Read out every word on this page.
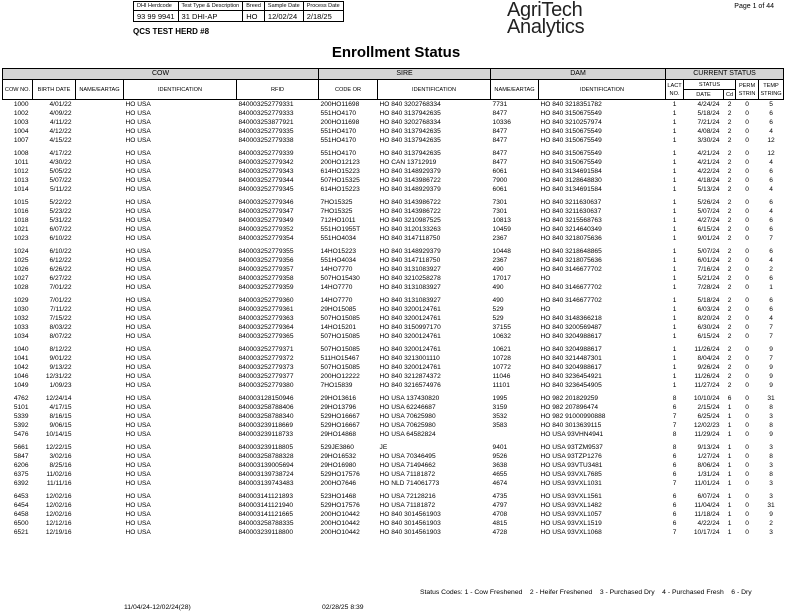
DHI Herdcode	Test Type & Description	Breed	Sample Date	Process Date
93 99 9941	31 DHI-AP	HO	12/02/24	2/18/25
QCS TEST HERD #8
AgriTech
Analytics
Page 1 of 44
Enrollment Status
COW					SIRE		DAM		CURRENT STATUS				
COW NO.	BIRTH DATE	NAME/EARTAG	IDENTIFICATION	RFID	CODE OR	IDENTIFICATION	NAME/EARTAG	IDENTIFICATION	LACT NO.	STATUS		PERM STRIN	TEMP STRING
										DATE	Cd		
1000	4/01/22		HO USA	840003252779331	200HO11698	HO 840 3202768334	7731	HO 840 3218351782	1	4/24/24	2	0	5
1002	4/09/22		HO USA	840003252779333	551HO4170	HO 840 3137942635	8477	HO 840 3150675549	1	5/18/24	2	0	6
1003	4/11/22		HO USA	840003253877921	200HO11698	HO 840 3202768334	10336	HO 840 3210257974	1	7/21/24	2	0	6
1004	4/12/22		HO USA	840003252779335	551HO4170	HO 840 3137942635	8477	HO 840 3150675549	1	4/08/24	2	0	4
1007	4/15/22		HO USA	840003252779338	551HO4170	HO 840 3137942635	8477	HO 840 3150675549	1	3/30/24	2	0	12
1008	4/17/22		HO USA	840003252779339	551HO4170	HO 840 3137942635	8477	HO 840 3150675549	1	4/21/24	2	0	12
1011	4/30/22		HO USA	840003252779342	200HO12123	HO CAN 13712919	8477	HO 840 3150675549	1	4/21/24	2	0	4
1012	5/05/22		HO USA	840003252779343	614HO15223	HO 840 3148929379	6061	HO 840 3134691584	1	4/22/24	2	0	6
1013	5/07/22		HO USA	840003252779344	507HO15325	HO 840 3143986722	7900	HO 840 3128648830	1	4/18/24	2	0	6
1014	5/11/22		HO USA	840003252779345	614HO15223	HO 840 3148929379	6061	HO 840 3134691584	1	5/13/24	2	0	4
1015	5/22/22		HO USA	840003252779346	7HO15325	HO 840 3143986722	7301	HO 840 3211630637	1	5/26/24	2	0	6
1016	5/23/22		HO USA	840003252779347	7HO15325	HO 840 3143986722	7301	HO 840 3211630637	1	5/07/24	2	0	4
1018	5/31/22		HO USA	840003252779349	712HO1011	HO 840 3210987525	10813	HO 840 3215568763	1	4/27/24	2	0	6
1021	6/07/22		HO USA	840003252779352	551HO1955T	HO 840 3120133263	10459	HO 840 3214640349	1	6/15/24	2	0	6
1023	6/10/22		HO USA	840003252779354	551HO4034	HO 840 3147118750	2367	HO 840 3218075636	1	9/01/24	2	0	7
1024	6/10/22		HO USA	840003252779355	14HO15223	HO 840 3148929379	10448	HO 840 3218648865	1	5/07/24	2	0	6
1025	6/12/22		HO USA	840003252779356	551HO4034	HO 840 3147118750	2367	HO 840 3218075636	1	6/01/24	2	0	4
1026	6/26/22		HO USA	840003252779357	14HO7770	HO 840 3131083927	490	HO 840 3146677702	1	7/16/24	2	0	2
1027	6/27/22		HO USA	840003252779358	507HO15430	HO 840 3210258278	17017	HO	1	5/21/24	2	0	6
1028	7/01/22		HO USA	840003252779359	14HO7770	HO 840 3131083927	490	HO 840 3146677702	1	7/28/24	2	0	1
1029	7/01/22		HO USA	840003252779360	14HO7770	HO 840 3131083927	490	HO 840 3146677702	1	5/18/24	2	0	6
1030	7/11/22		HO USA	840003252779361	29HO15085	HO 840 3200124761	529	HO	1	6/03/24	2	0	6
1032	7/15/22		HO USA	840003252779363	507HO15085	HO 840 3200124761	529	HO 840 3148366218	1	8/20/24	2	0	4
1033	8/03/22		HO USA	840003252779364	14HO15201	HO 840 3150997170	37155	HO 840 3200569487	1	6/30/24	2	0	7
1034	8/07/22		HO USA	840003252779365	507HO15085	HO 840 3200124761	10632	HO 840 3204988617	1	6/15/24	2	0	7
1040	8/12/22		HO USA	840003252779371	507HO15085	HO 840 3200124761	10621	HO 840 3204988617	1	11/26/24	2	0	9
1041	9/01/22		HO USA	840003252779372	511HO15467	HO 840 3213001110	10728	HO 840 3214487301	1	8/04/24	2	0	7
1042	9/13/22		HO USA	840003252779373	507HO15085	HO 840 3200124761	10772	HO 840 3204988617	1	9/26/24	2	0	9
1046	12/31/22		HO USA	840003252779377	200HO12222	HO 840 3212874372	11046	HO 840 3236454921	1	11/26/24	2	0	9
1049	1/09/23		HO USA	840003252779380	7HO15839	HO 840 3216574976	11101	HO 840 3236454905	1	11/27/24	2	0	9
4762	12/24/14		HO USA	840003128150946	29HO13616	HO USA 137430820	1995	HO 982 201829259	8	10/10/24	6	0	31
5101	4/17/15		HO USA	840003258788406	29HO13796	HO USA 62246687	3159	HO 982 207896474	6	2/15/24	1	0	8
5339	8/16/15		HO USA	840003258788340	529HO16667	HO USA 70625980	3532	HO 982 91000990888	7	6/25/24	1	0	3
5392	9/06/15		HO USA	840003239118669	529HO16667	HO USA 70625980	3583	HO 840 3013639115	7	12/02/23	1	0	8
5476	10/14/15		HO USA	840003239118733	29HO14868	HO USA 64582824		HO USA 93VHN4941	8	11/29/24	1	0	9
5661	12/22/15		HO USA	840003239118805	529JE3860	JE	9401	HO USA 93TZM9537	8	9/13/24	1	0	3
5847	3/02/16		HO USA	840003258788328	29HO16532	HO USA 70346495	9526	HO USA 93TZP1276	6	1/27/24	1	0	8
6206	8/25/16		HO USA	840003139005694	29HO16980	HO USA 71494662	3638	HO USA 93VTU3481	6	8/06/24	1	0	3
6375	11/02/16		HO USA	840003139738724	529HO17576	HO USA 71181872	4655	HO USA 93VXL7685	6	1/31/24	1	0	8
6392	11/11/16		HO USA	840003139743483	200HO7646	HO NLD 714061773	4674	HO USA 93VXL1031	7	11/01/24	1	0	3
6453	12/02/16		HO USA	840003141121893	523HO1468	HO USA 72128216	4735	HO USA 93VXL1561	6	6/07/24	1	0	3
6454	12/02/16		HO USA	840003141121940	529HO17576	HO USA 71181872	4797	HO USA 93VXL1482	6	11/04/24	1	0	31
6458	12/02/16		HO USA	840003141121665	200HO10442	HO 840 3014561903	4708	HO USA 93VXL1057	6	11/18/24	1	0	9
6500	12/12/16		HO USA	840003258788335	200HO10442	HO 840 3014561903	4815	HO USA 93VXL1519	6	4/22/24	1	0	2
6521	12/19/16		HO USA	840003239118800	200HO10442	HO 840 3014561903	4728	HO USA 93VXL1068	7	10/17/24	1	0	3
Status Codes: 1 - Cow Freshened    2 - Heifer Freshened    3 - Purchased Dry    4 - Purchased Fresh    6 - Dry
11/04/24-12/02/24(28)	02/28/25 8:39
